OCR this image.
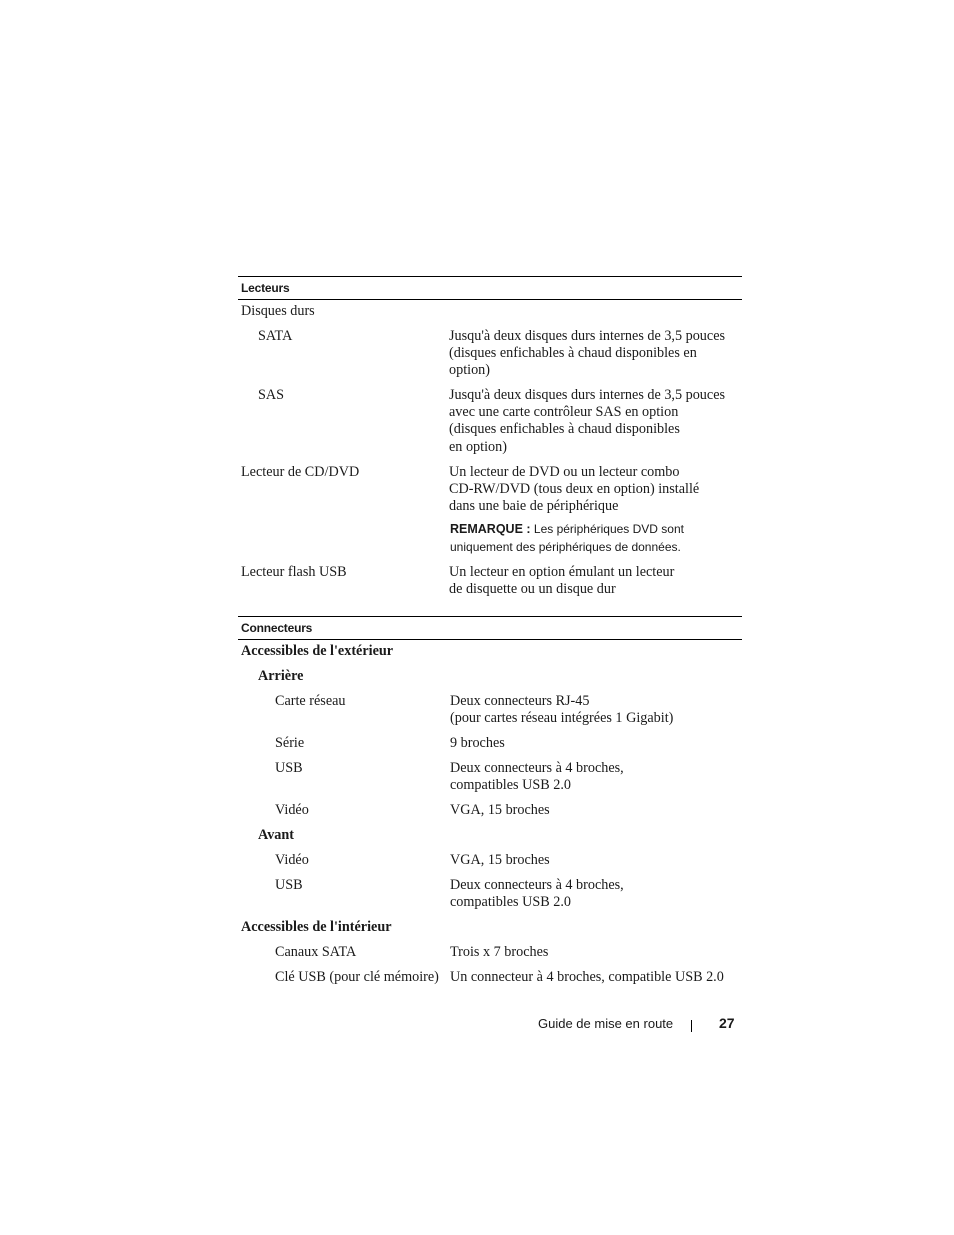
Lecteurs
Disques durs
SATA	Jusqu'à deux disques durs internes de 3,5 pouces
(disques enfichables à chaud disponibles en
option)
SAS	Jusqu'à deux disques durs internes de 3,5 pouces
avec une carte contrôleur SAS en option
(disques enfichables à chaud disponibles
en option)
Lecteur de CD/DVD	Un lecteur de DVD ou un lecteur combo
CD-RW/DVD (tous deux en option) installé
dans une baie de périphérique
REMARQUE : Les périphériques DVD sont
uniquement des périphériques de données.
Lecteur flash USB	Un lecteur en option émulant un lecteur
de disquette ou un disque dur
Connecteurs
Accessibles de l'extérieur
Arrière
Carte réseau	Deux connecteurs RJ-45
(pour cartes réseau intégrées 1 Gigabit)
Série	9 broches
USB	Deux connecteurs à 4 broches,
compatibles USB 2.0
Vidéo	VGA, 15 broches
Avant
Vidéo	VGA, 15 broches
USB	Deux connecteurs à 4 broches,
compatibles USB 2.0
Accessibles de l'intérieur
Canaux SATA	Trois x 7 broches
Clé USB (pour clé mémoire) Un connecteur à 4 broches, compatible USB 2.0
Guide de mise en route	27
